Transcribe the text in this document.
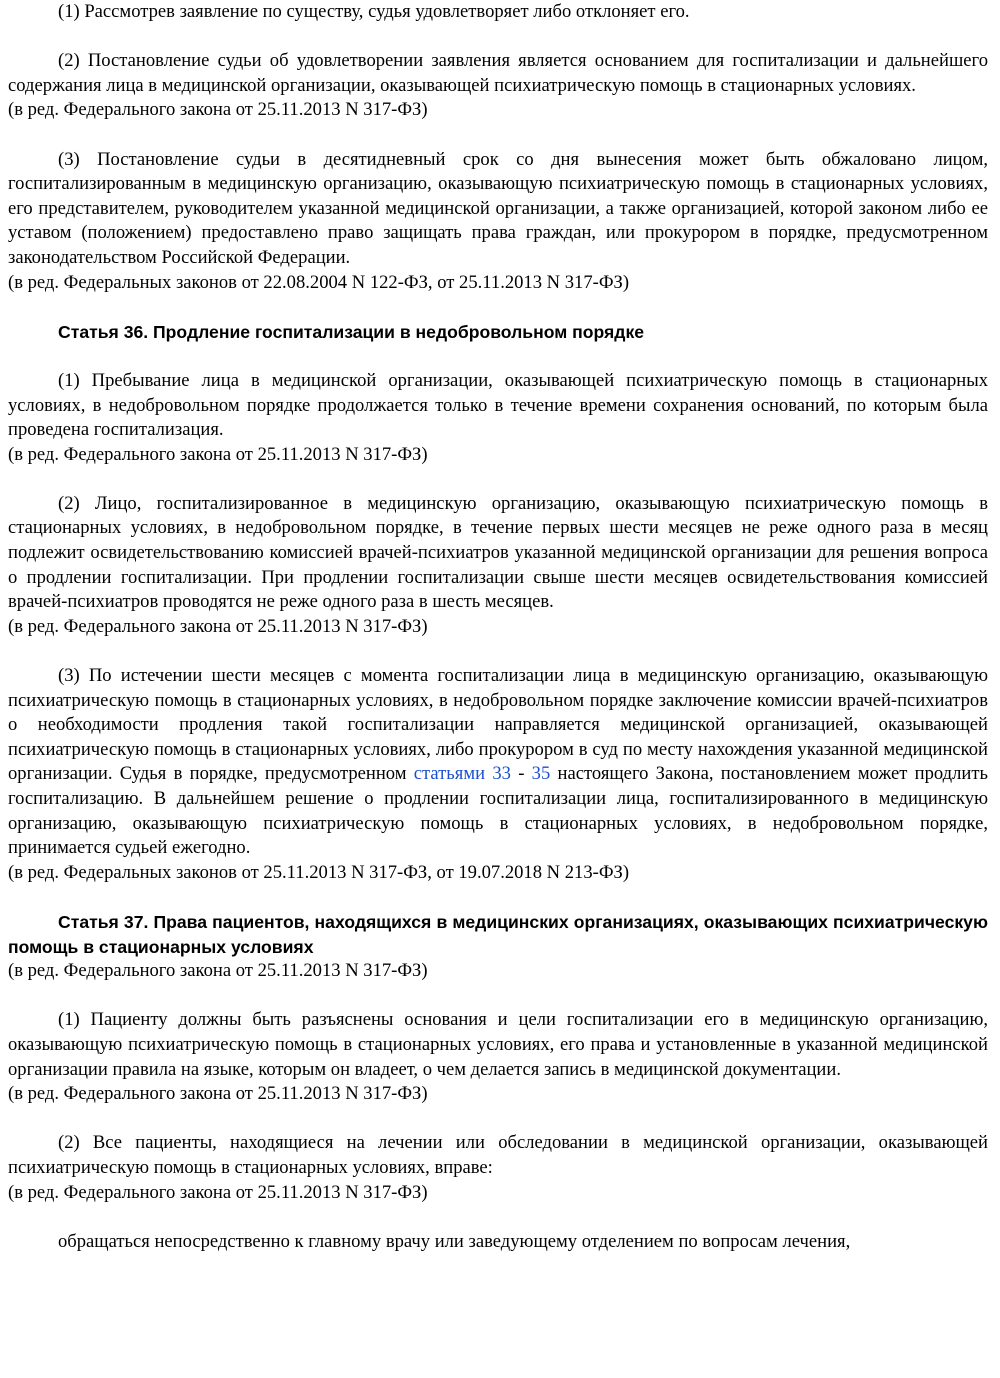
(1) Рассмотрев заявление по существу, судья удовлетворяет либо отклоняет его.

(2) Постановление судьи об удовлетворении заявления является основанием для госпитализации и дальнейшего содержания лица в медицинской организации, оказывающей психиатрическую помощь в стационарных условиях.

(в ред. Федерального закона от 25.11.2013 N 317-ФЗ)

(3) Постановление судьи в десятидневный срок со дня вынесения может быть обжаловано лицом, госпитализированным в медицинскую организацию, оказывающую психиатрическую помощь в стационарных условиях, его представителем, руководителем указанной медицинской организации, а также организацией, которой законом либо ее уставом (положением) предоставлено право защищать права граждан, или прокурором в порядке, предусмотренном законодательством Российской Федерации.

(в ред. Федеральных законов от 22.08.2004 N 122-ФЗ, от 25.11.2013 N 317-ФЗ)

Статья 36. Продление госпитализации в недобровольном порядке

(1) Пребывание лица в медицинской организации, оказывающей психиатрическую помощь в стационарных условиях, в недобровольном порядке продолжается только в течение времени сохранения оснований, по которым была проведена госпитализация.

(в ред. Федерального закона от 25.11.2013 N 317-ФЗ)

(2) Лицо, госпитализированное в медицинскую организацию, оказывающую психиатрическую помощь в стационарных условиях, в недобровольном порядке, в течение первых шести месяцев не реже одного раза в месяц подлежит освидетельствованию комиссией врачей-психиатров указанной медицинской организации для решения вопроса о продлении госпитализации. При продлении госпитализации свыше шести месяцев освидетельствования комиссией врачей-психиатров проводятся не реже одного раза в шесть месяцев.

(в ред. Федерального закона от 25.11.2013 N 317-ФЗ)

(3) По истечении шести месяцев с момента госпитализации лица в медицинскую организацию, оказывающую психиатрическую помощь в стационарных условиях, в недобровольном порядке заключение комиссии врачей-психиатров о необходимости продления такой госпитализации направляется медицинской организацией, оказывающей психиатрическую помощь в стационарных условиях, либо прокурором в суд по месту нахождения указанной медицинской организации. Судья в порядке, предусмотренном статьями 33 - 35 настоящего Закона, постановлением может продлить госпитализацию. В дальнейшем решение о продлении госпитализации лица, госпитализированного в медицинскую организацию, оказывающую психиатрическую помощь в стационарных условиях, в недобровольном порядке, принимается судьей ежегодно.

(в ред. Федеральных законов от 25.11.2013 N 317-ФЗ, от 19.07.2018 N 213-ФЗ)

Статья 37. Права пациентов, находящихся в медицинских организациях, оказывающих психиатрическую помощь в стационарных условиях

(в ред. Федерального закона от 25.11.2013 N 317-ФЗ)

(1) Пациенту должны быть разъяснены основания и цели госпитализации его в медицинскую организацию, оказывающую психиатрическую помощь в стационарных условиях, его права и установленные в указанной медицинской организации правила на языке, которым он владеет, о чем делается запись в медицинской документации.

(в ред. Федерального закона от 25.11.2013 N 317-ФЗ)

(2) Все пациенты, находящиеся на лечении или обследовании в медицинской организации, оказывающей психиатрическую помощь в стационарных условиях, вправе:

(в ред. Федерального закона от 25.11.2013 N 317-ФЗ)

обращаться непосредственно к главному врачу или заведующему отделением по вопросам лечения,
